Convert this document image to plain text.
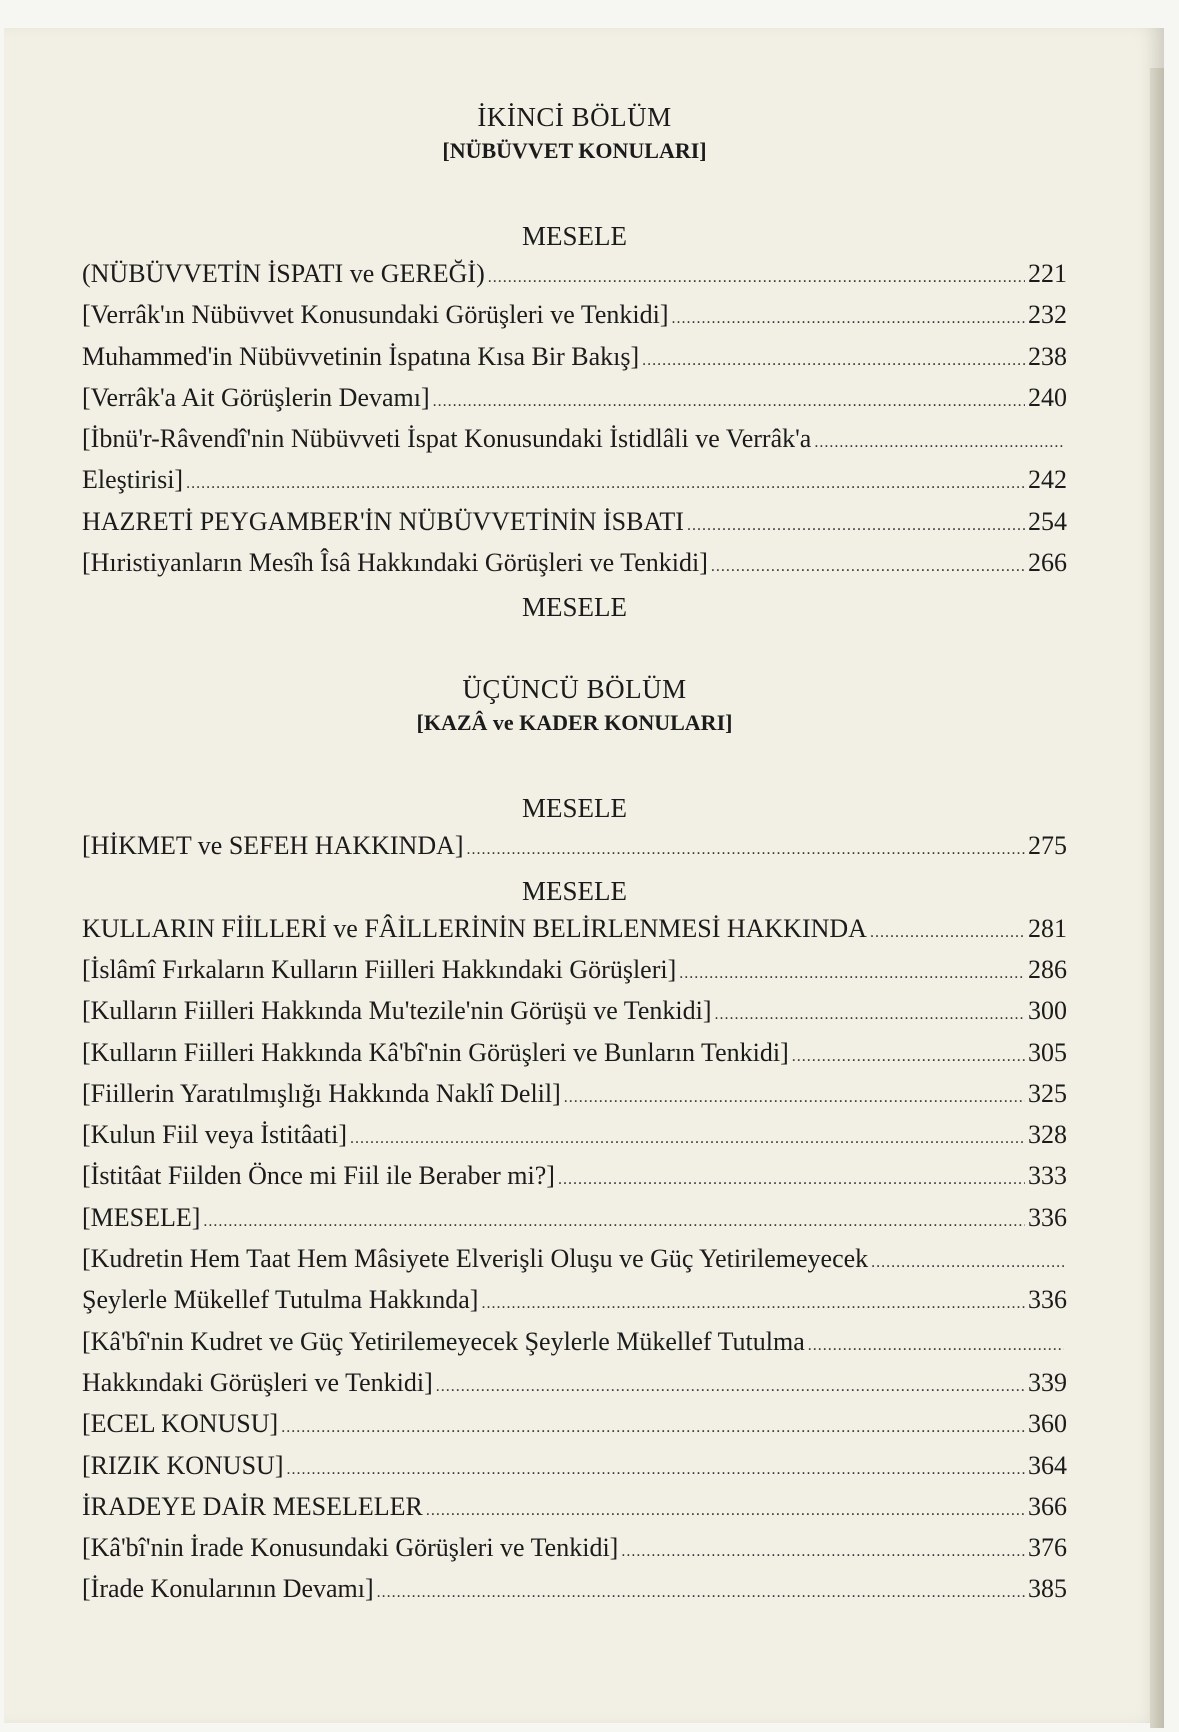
İKİNCİ BÖLÜM
[NÜBÜVVET KONULARI]
MESELE
(NÜBÜVVETİN İSPATI ve GEREĞİ) .....	221
[Verrâk'ın Nübüvvet Konusundaki Görüşleri ve Tenkidi] .....	232
Muhammed'in Nübüvvetinin İspatına Kısa Bir Bakış] .....	238
[Verrâk'a Ait Görüşlerin Devamı] .....	240
[İbnü'r-Râvendî'nin Nübüvveti İspat Konusundaki İstidlâli ve Verrâk'a
.....
Eleştirisi] .....	242
HAZRETİ PEYGAMBER'İN NÜBÜVVETİNİN İSBATI .....	254
[Hıristiyanların Mesîh Îsâ Hakkındaki Görüşleri ve Tenkidi] .....	266
MESELE
ÜÇÜNCÜ BÖLÜM
[KAZÂ ve KADER KONULARI]
MESELE
[HİKMET ve SEFEH HAKKINDA] .....	275
MESELE
KULLARIN FİİLLERİ ve FÂİLLERİNİN BELİRLENMESİ HAKKINDA .....	281
[İslâmî Fırkaların Kulların Fiilleri Hakkındaki Görüşleri] .....	286
[Kulların Fiilleri Hakkında Mu'tezile'nin Görüşü ve Tenkidi] .....	300
[Kulların Fiilleri Hakkında Kâ'bî'nin Görüşleri ve Bunların Tenkidi] .....	305
[Fiillerin Yaratılmışlığı Hakkında Naklî Delil] .....	325
[Kulun Fiil veya İstitâati] .....	328
[İstitâat Fiilden Önce mi Fiil ile Beraber mi?] .....	333
[MESELE] .....	336
[Kudretin Hem Taat Hem Mâsiyete Elverişli Oluşu ve Güç Yetirilemeyecek
.....
Şeylerle Mükellef Tutulma Hakkında] .....	336
[Kâ'bî'nin Kudret ve Güç Yetirilemeyecek Şeylerle Mükellef Tutulma
.....
Hakkındaki Görüşleri ve Tenkidi] .....	339
[ECEL KONUSU] .....	360
[RIZIK KONUSU] .....	364
İRADEYE DAİR MESELELER .....	366
[Kâ'bî'nin İrade Konusundaki Görüşleri ve Tenkidi] .....	376
[İrade Konularının Devamı] .....	385
